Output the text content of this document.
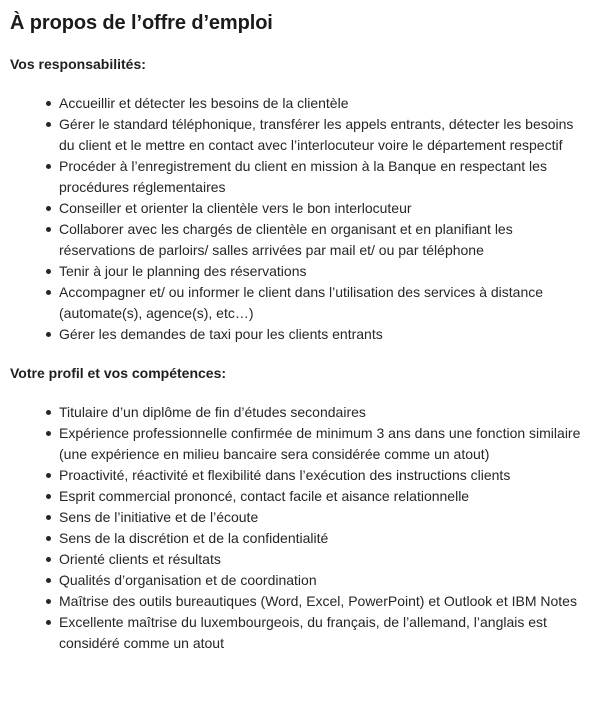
À propos de l’offre d’emploi
Vos responsabilités:
Accueillir et détecter les besoins de la clientèle
Gérer le standard téléphonique, transférer les appels entrants, détecter les besoins du client et le mettre en contact avec l’interlocuteur voire le département respectif
Procéder à l’enregistrement du client en mission à la Banque en respectant les procédures réglementaires
Conseiller et orienter la clientèle vers le bon interlocuteur
Collaborer avec les chargés de clientèle en organisant et en planifiant les réservations de parloirs/ salles arrivées par mail et/ ou par téléphone
Tenir à jour le planning des réservations
Accompagner et/ ou informer le client dans l’utilisation des services à distance (automate(s), agence(s), etc…)
Gérer les demandes de taxi pour les clients entrants
Votre profil et vos compétences:
Titulaire d’un diplôme de fin d’études secondaires
Expérience professionnelle confirmée de minimum 3 ans dans une fonction similaire (une expérience en milieu bancaire sera considérée comme un atout)
Proactivité, réactivité et flexibilité dans l’exécution des instructions clients
Esprit commercial prononcé, contact facile et aisance relationnelle
Sens de l’initiative et de l’écoute
Sens de la discrétion et de la confidentialité
Orienté clients et résultats
Qualités d’organisation et de coordination
Maîtrise des outils bureautiques (Word, Excel, PowerPoint) et Outlook et IBM Notes
Excellente maîtrise du luxembourgeois, du français, de l’allemand, l’anglais est considéré comme un atout
